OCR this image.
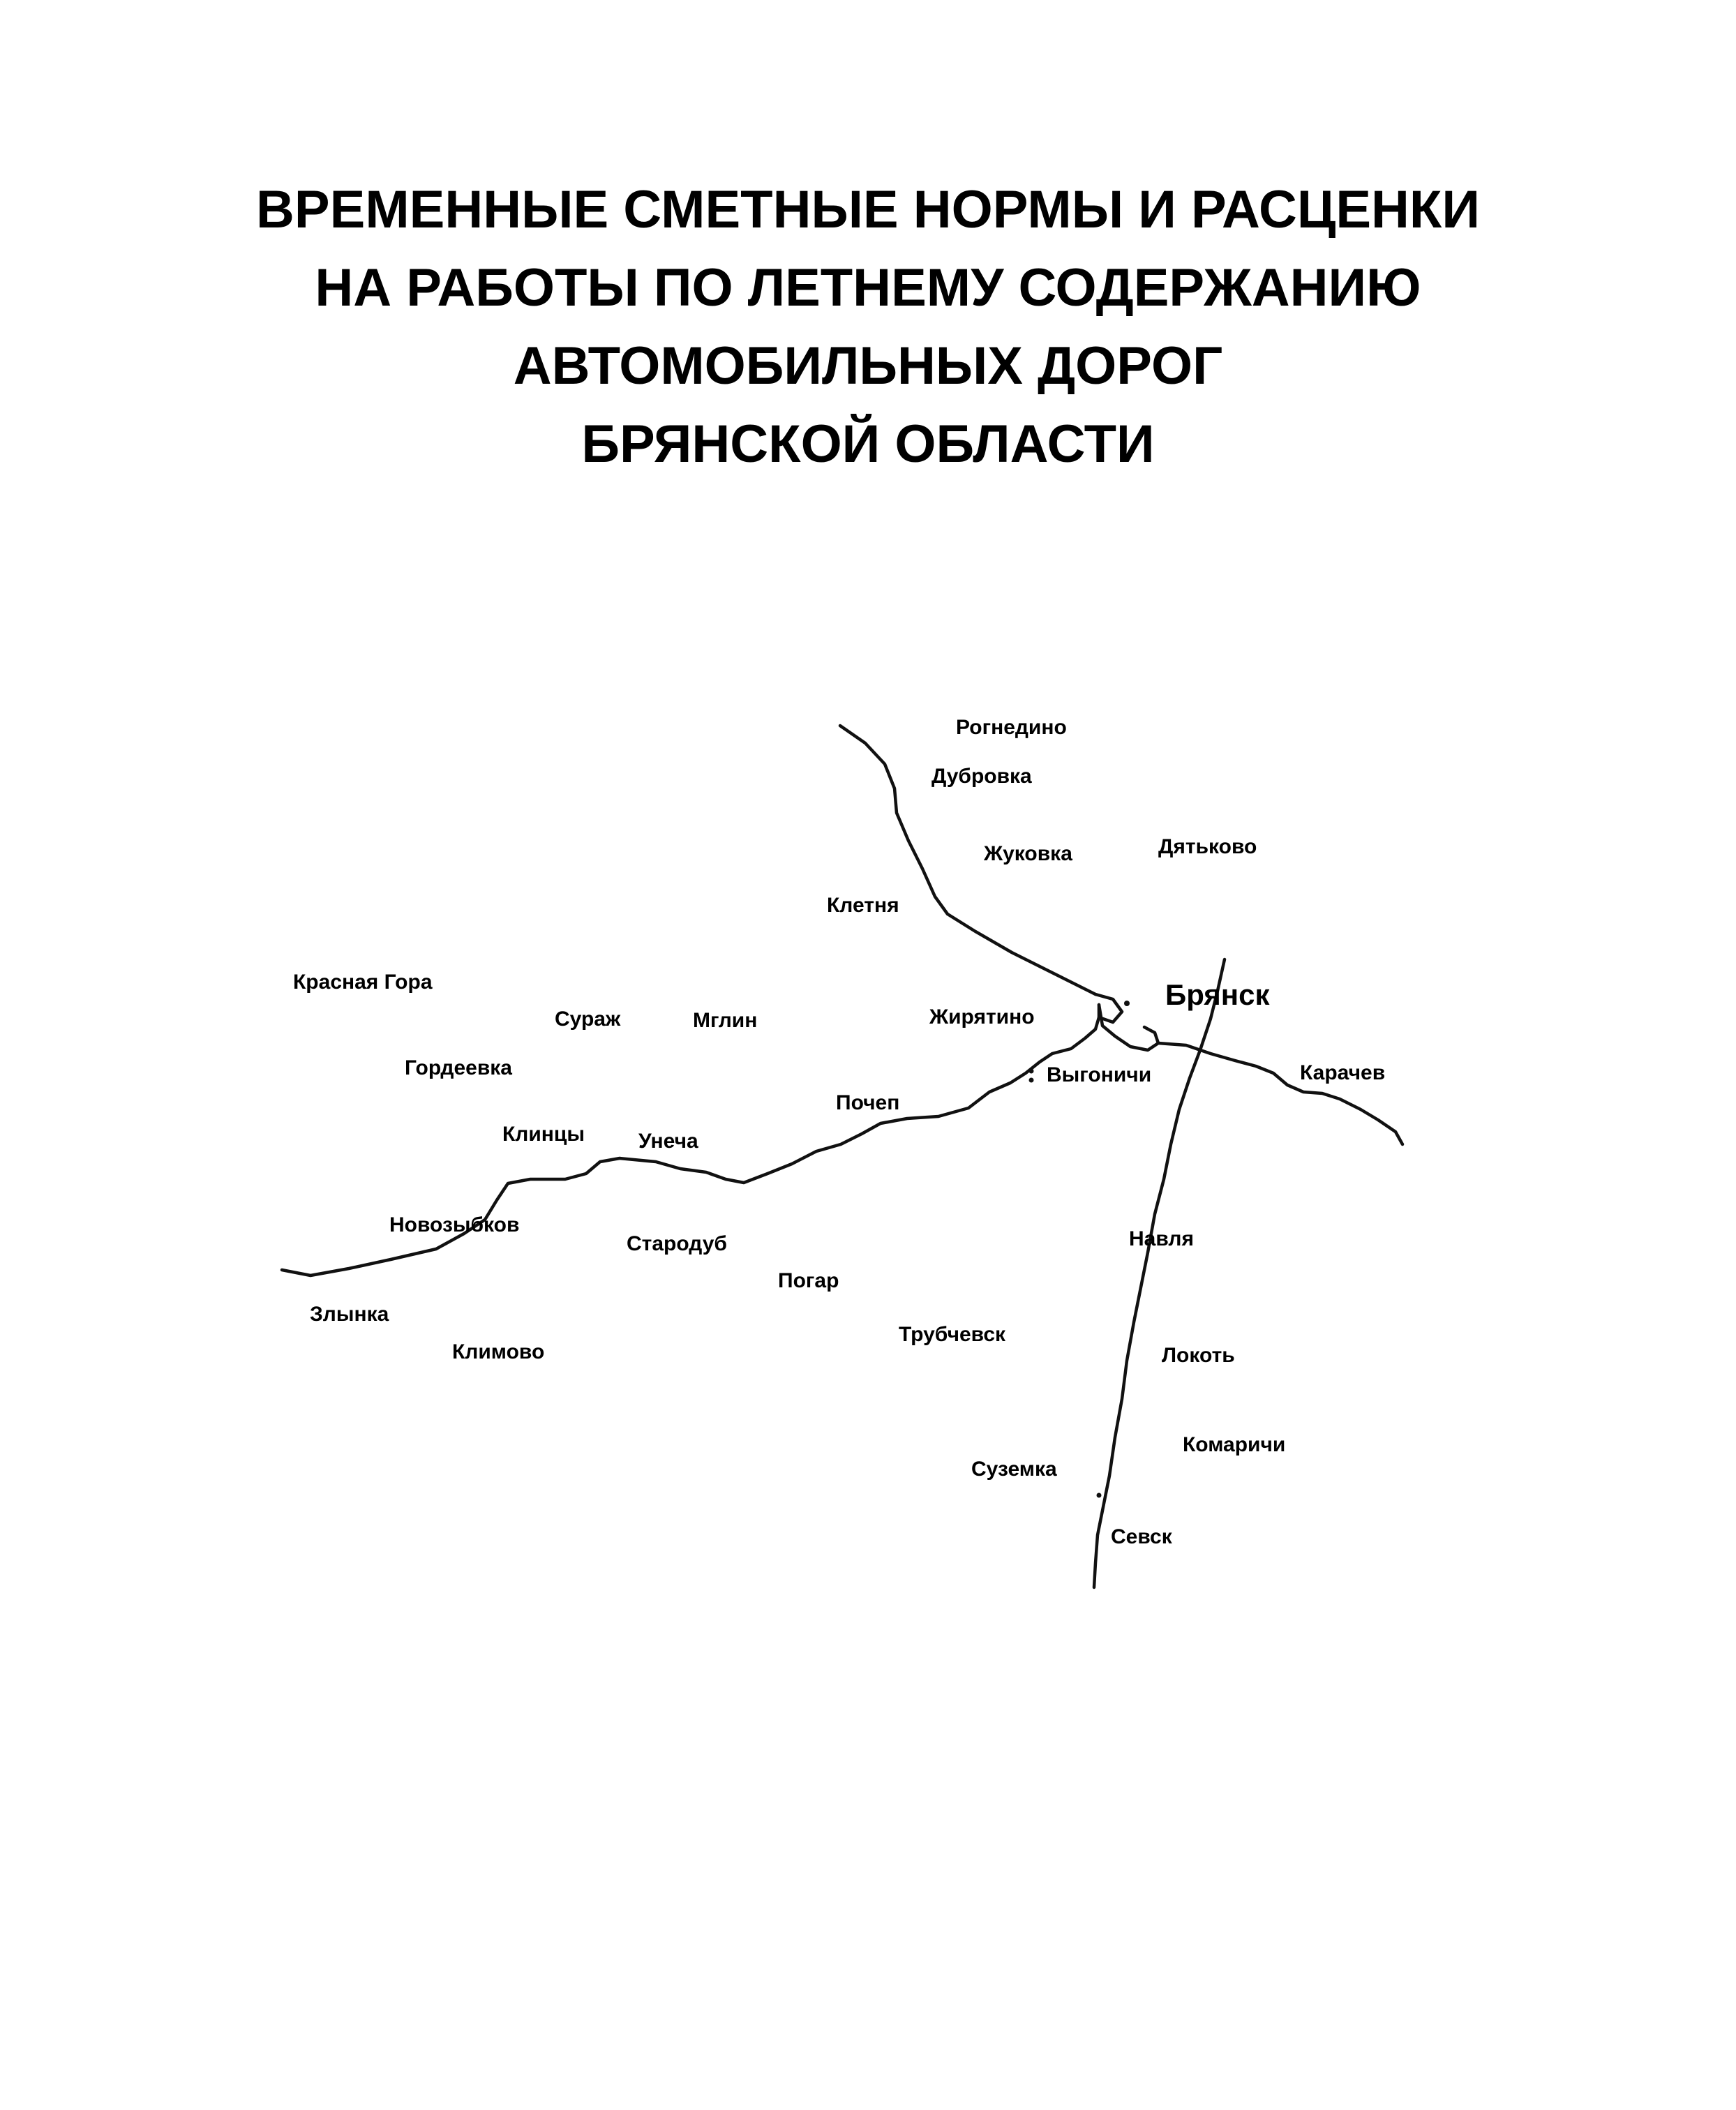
ВРЕМЕННЫЕ СМЕТНЫЕ НОРМЫ И РАСЦЕНКИ
НА РАБОТЫ ПО ЛЕТНЕМУ СОДЕРЖАНИЮ
АВТОМОБИЛЬНЫХ ДОРОГ
БРЯНСКОЙ ОБЛАСТИ
Рогнедино
Дубровка
Жуковка	Дятьково
Клетня
Красная Гора
Сураж	Мглин	Жирятино
Выгоничи	Карачев
Гордеевка
Почеп
Клинцы	Унеча
Новозыбков
Стародуб	Навля
Погар
Злынка
Климово
Трубчевск
Локоть
Комаричи
Суземка
Севск
Брянск
